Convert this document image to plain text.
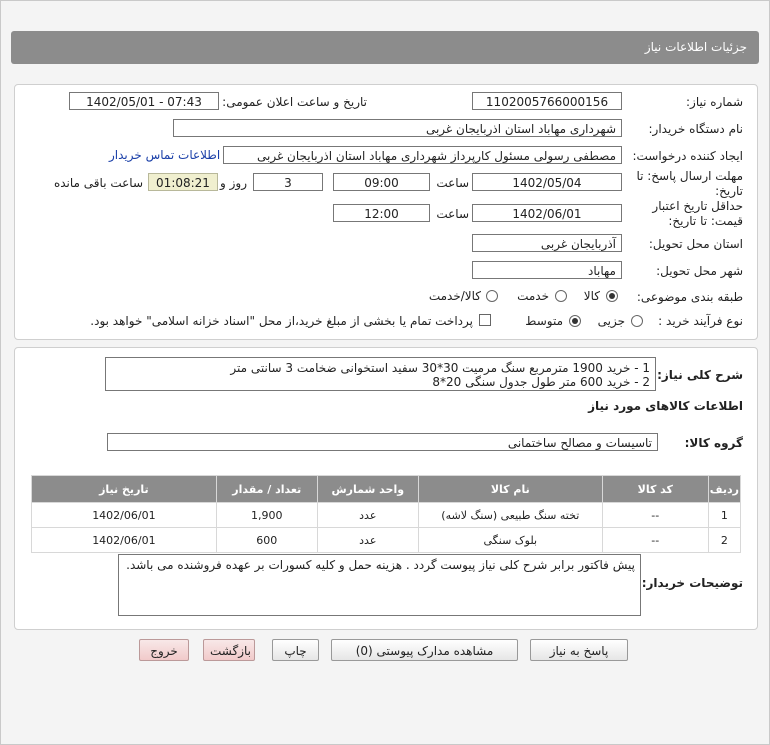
جزئیات اطلاعات نیاز
شماره نیاز:
1102005766000156
تاریخ و ساعت اعلان عمومی:
1402/05/01 - 07:43
نام دستگاه خریدار:
شهرداری مهاباد استان اذربایجان غربی
ایجاد کننده درخواست:
مصطفی رسولی مسئول کارپرداز شهرداری مهاباد استان اذربایجان غربی
اطلاعات تماس خریدار
مهلت ارسال پاسخ: تا
تاریخ:
1402/05/04
ساعت
09:00
3
روز و
01:08:21
ساعت باقی مانده
حداقل تاریخ اعتبار
قیمت: تا تاریخ:
1402/06/01
ساعت
12:00
استان محل تحویل:
آذربایجان غربی
شهر محل تحویل:
مهاباد
طبقه بندی موضوعی:
کالا
خدمت
کالا/خدمت
نوع فرآیند خرید :
جزیی
متوسط
پرداخت تمام یا بخشی از مبلغ خرید،از محل "اسناد خزانه اسلامی" خواهد بود.
شرح کلی نیاز:
1 - خرید 1900 مترمربع سنگ مرمیت 30*30 سفید استخوانی ضخامت 3 سانتی متر
2 - خرید 600 متر طول جدول سنگی 20*8
اطلاعات کالاهای مورد نیاز
گروه کالا:
تاسیسات و مصالح ساختمانی
ردیف	کد کالا	نام کالا	واحد شمارش	تعداد / مقدار	تاریخ نیاز
1	--	تخته سنگ طبیعی (سنگ لاشه)	عدد	1,900	1402/06/01
2	--	بلوک سنگی	عدد	600	1402/06/01
توضیحات خریدار:
پیش فاکتور برابر شرح کلی نیاز پیوست گردد . هزینه حمل و کلیه کسورات بر عهده فروشنده می باشد.
پاسخ به نیاز
مشاهده مدارک پیوستی (0)
چاپ
بازگشت
خروج
